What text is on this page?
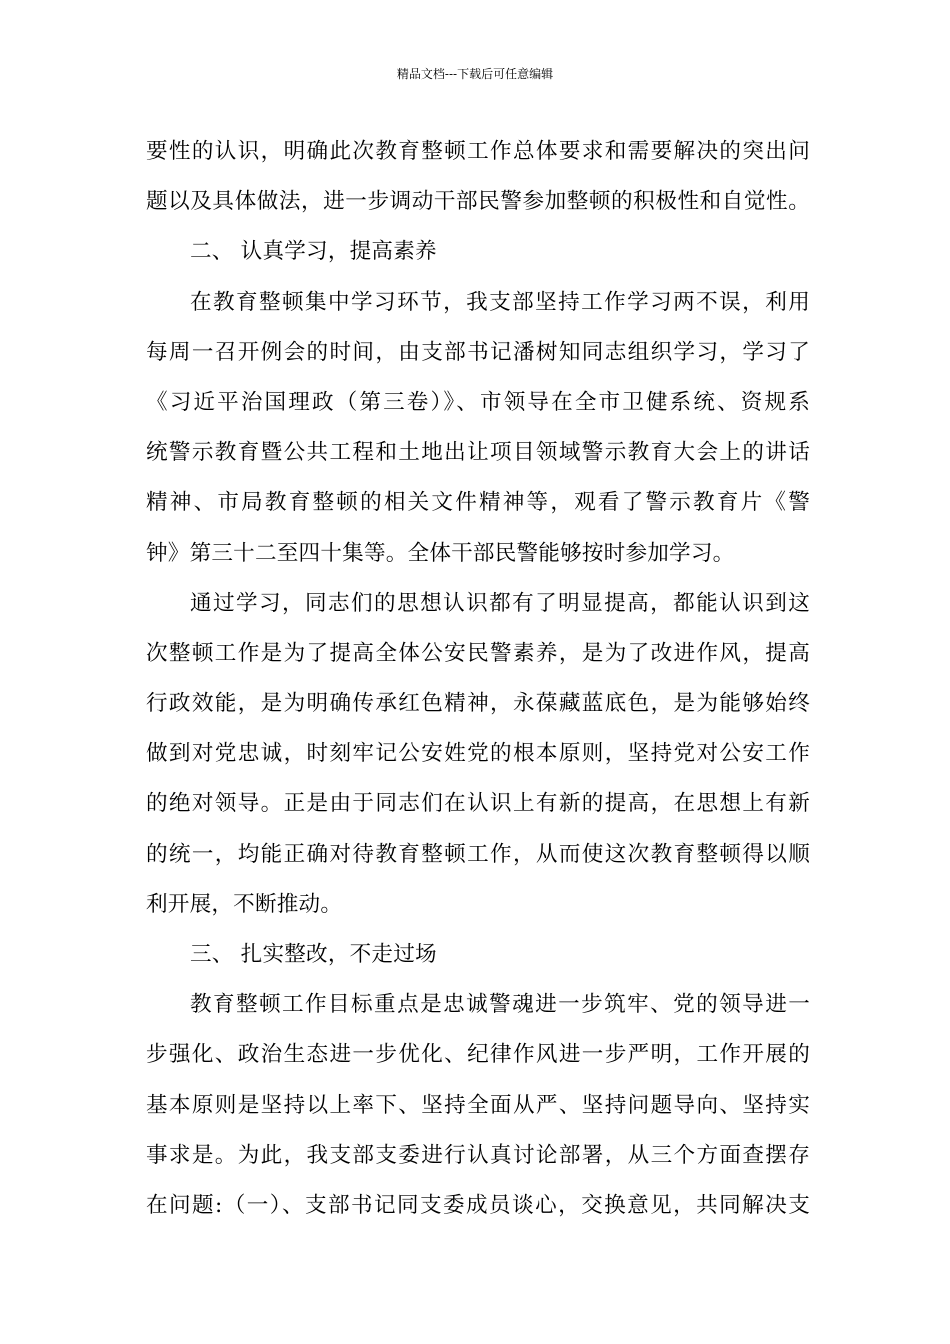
精品文档---下载后可任意编辑
要性的认识，明确此次教育整顿工作总体要求和需要解决的突出问
题以及具体做法，进一步调动干部民警参加整顿的积极性和自觉性。
二、 认真学习，提高素养
在教育整顿集中学习环节，我支部坚持工作学习两不误，利用
每周一召开例会的时间，由支部书记潘树知同志组织学习，学习了
《习近平治国理政（第三卷）》、市领导在全市卫健系统、资规系
统警示教育暨公共工程和土地出让项目领域警示教育大会上的讲话
精神、市局教育整顿的相关文件精神等，观看了警示教育片《警
钟》第三十二至四十集等。全体干部民警能够按时参加学习。
通过学习，同志们的思想认识都有了明显提高，都能认识到这
次整顿工作是为了提高全体公安民警素养，是为了改进作风，提高
行政效能，是为明确传承红色精神，永葆藏蓝底色，是为能够始终
做到对党忠诚，时刻牢记公安姓党的根本原则，坚持党对公安工作
的绝对领导。正是由于同志们在认识上有新的提高，在思想上有新
的统一，均能正确对待教育整顿工作，从而使这次教育整顿得以顺
利开展，不断推动。
三、 扎实整改，不走过场
教育整顿工作目标重点是忠诚警魂进一步筑牢、党的领导进一
步强化、政治生态进一步优化、纪律作风进一步严明，工作开展的
基本原则是坚持以上率下、坚持全面从严、坚持问题导向、坚持实
事求是。为此，我支部支委进行认真讨论部署，从三个方面查摆存
在问题:（一）、支部书记同支委成员谈心，交换意见，共同解决支
